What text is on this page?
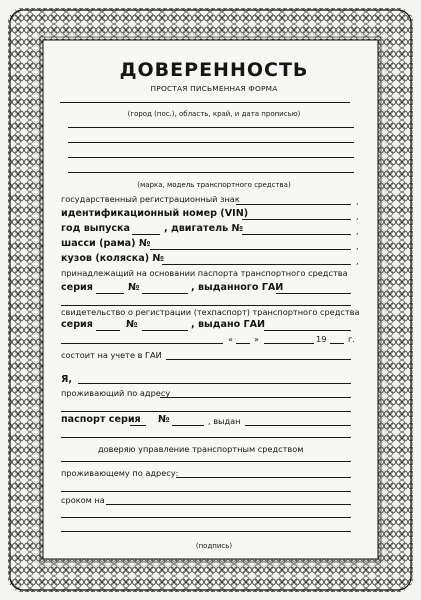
ДОВЕРЕННОСТЬ
ПРОСТАЯ ПИСЬМЕННАЯ ФОРМА
(город (пос.), область, край, и дата прописью)
(марка, модель транспортного средства)
государственный регистрационный знак	,
идентификационный номер (VIN)	,
год выпуска	, двигатель №	,
шасси (рама) №	,
кузов (коляска) №	,
принадлежащий на основании паспорта транспортного средства
серия	№	, выданного ГАИ
свидетельство о регистрации (техпаспорт) транспортного средства
серия	№	, выдано ГАИ
«	»	19	г.
состоит на учете в ГАИ
Я,
проживающий по адресу
паспорт серия №	, выдан
доверяю управление транспортным средством
проживающему по адресу:
сроком на
(подпись)
